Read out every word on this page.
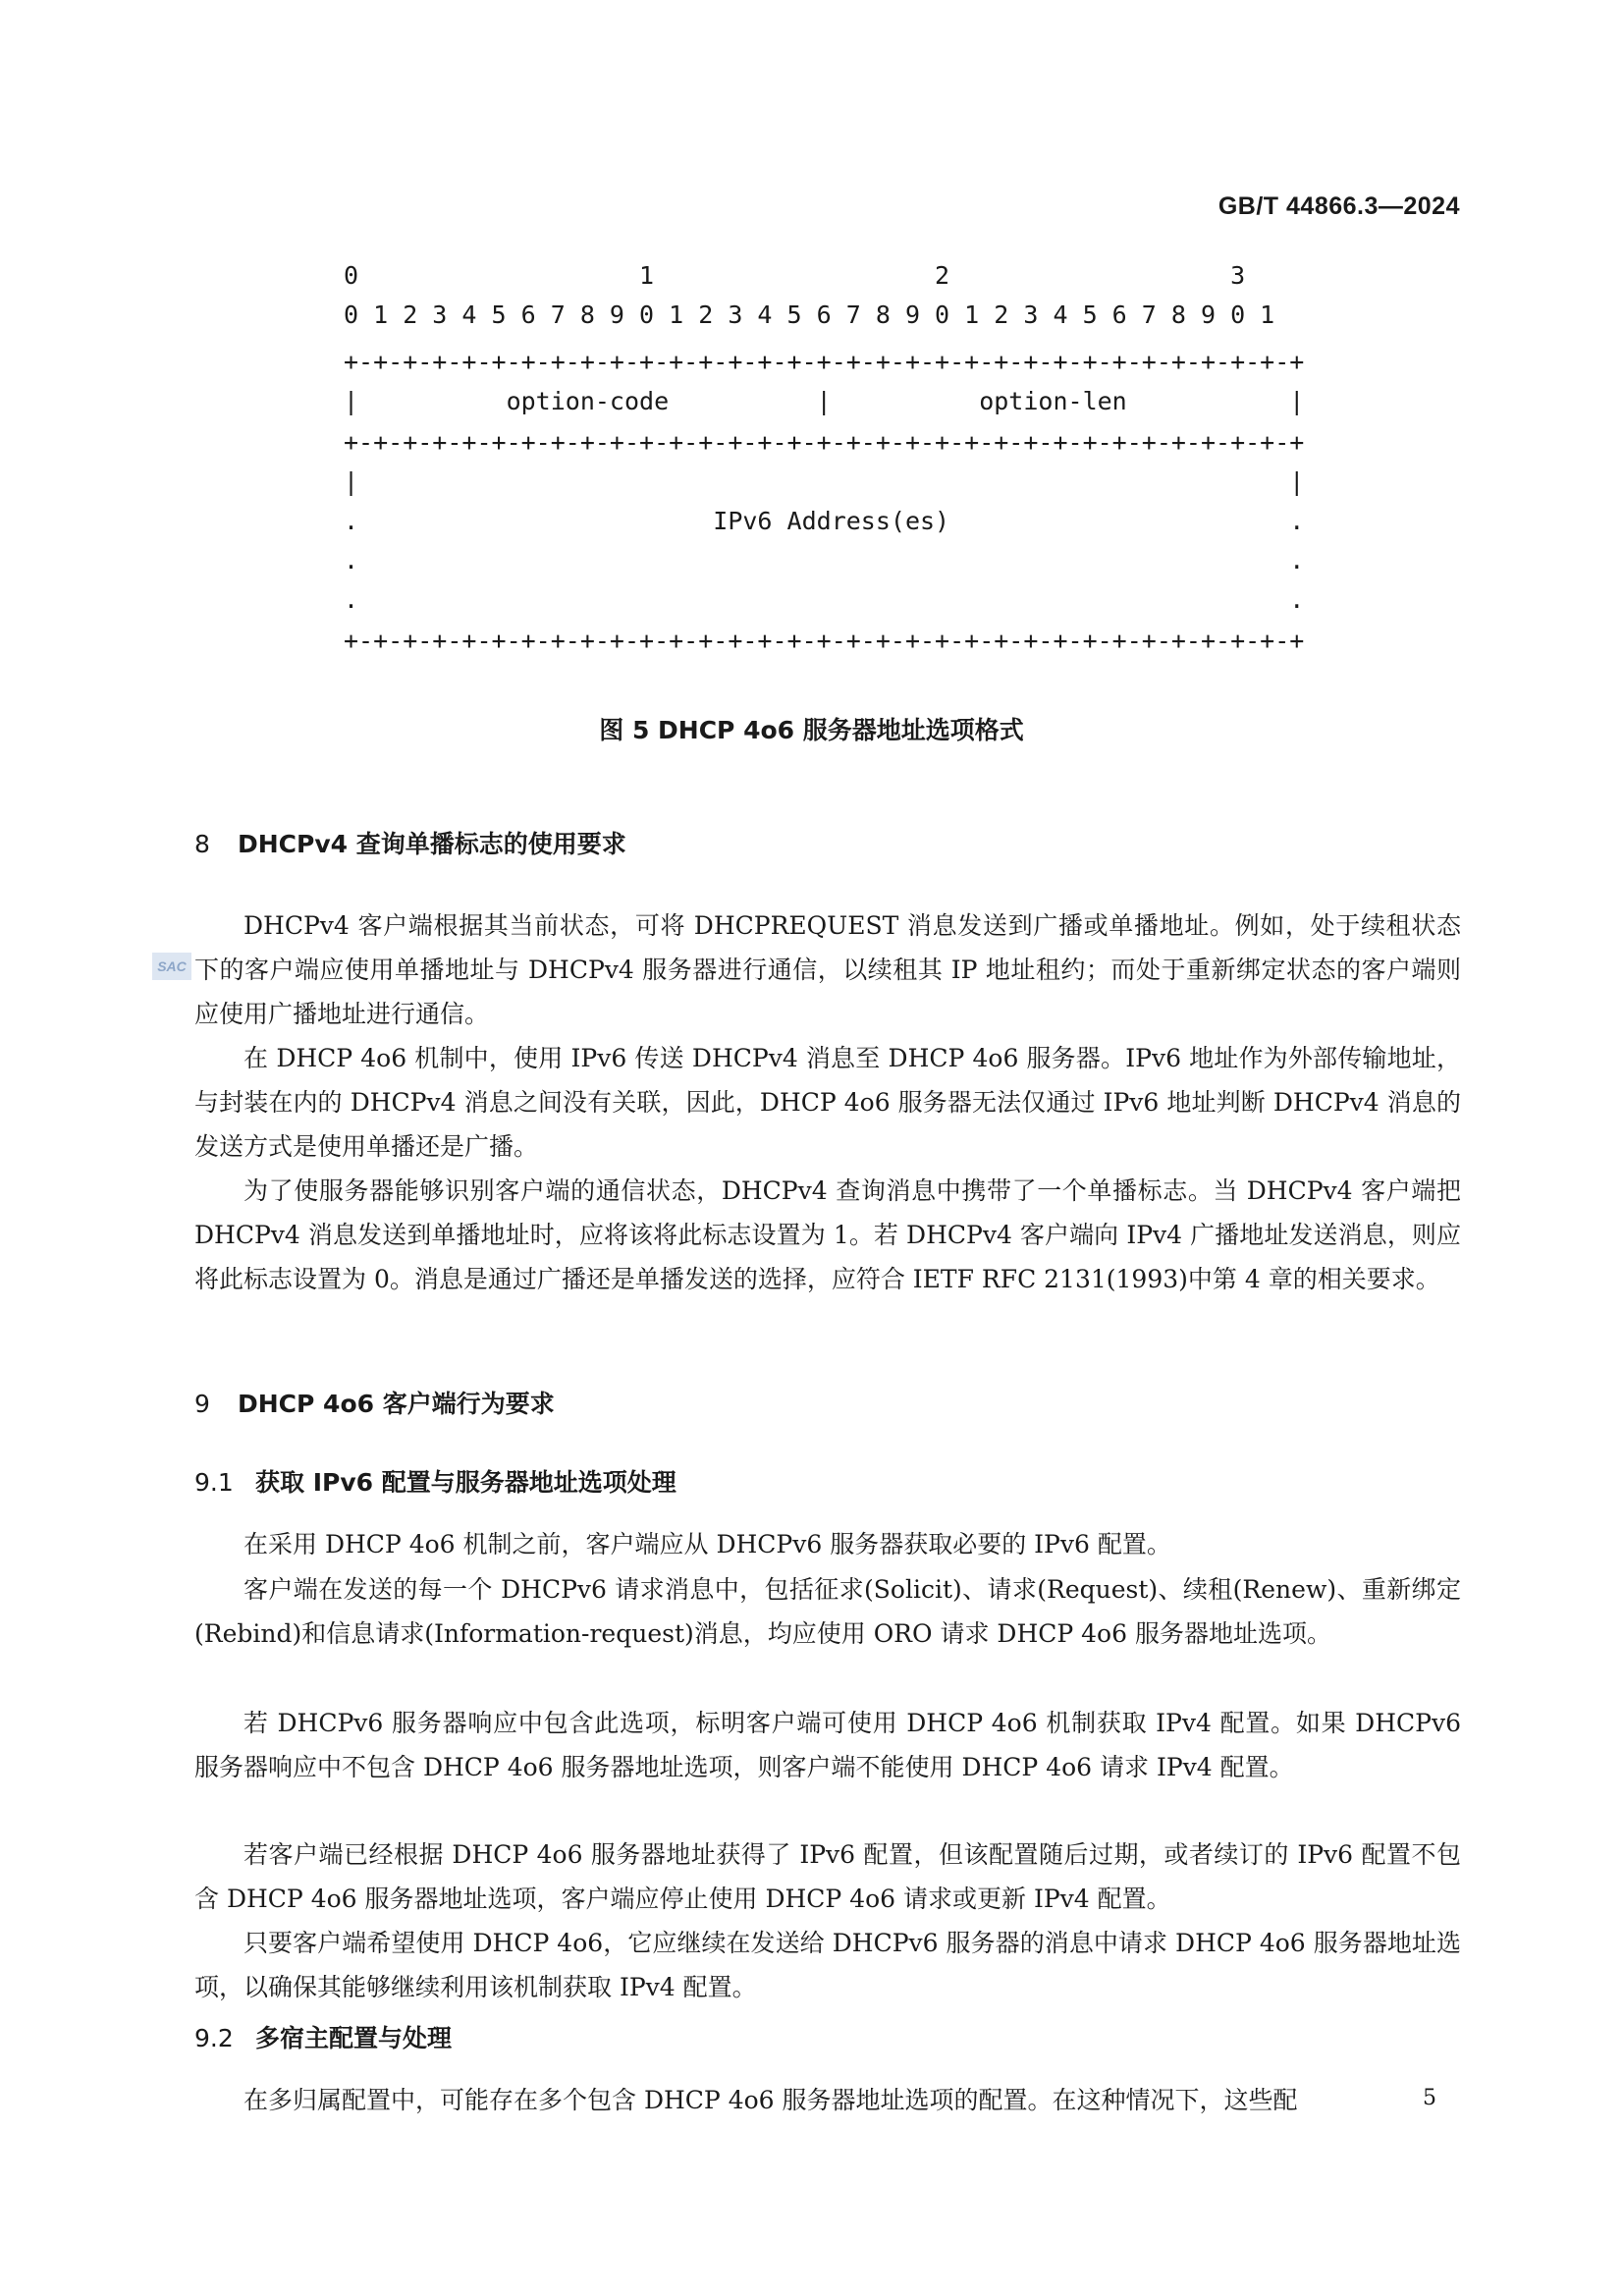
GB/T 44866.3—2024
0                   1                   2                   3
0 1 2 3 4 5 6 7 8 9 0 1 2 3 4 5 6 7 8 9 0 1 2 3 4 5 6 7 8 9 0 1
+-+-+-+-+-+-+-+-+-+-+-+-+-+-+-+-+-+-+-+-+-+-+-+-+-+-+-+-+-+-+-+-+
|          option-code          |          option-len           |
+-+-+-+-+-+-+-+-+-+-+-+-+-+-+-+-+-+-+-+-+-+-+-+-+-+-+-+-+-+-+-+-+
|                                                               |
.                        IPv6 Address(es)                       .
.                                                               .
.                                                               .
+-+-+-+-+-+-+-+-+-+-+-+-+-+-+-+-+-+-+-+-+-+-+-+-+-+-+-+-+-+-+-+-+
图 5 DHCP 4o6 服务器地址选项格式
8 DHCPv4 查询单播标志的使用要求

DHCPv4 客户端根据其当前状态，可将 DHCPREQUEST 消息发送到广播或单播地址。例如，处于续租状态下的客户端应使用单播地址与 DHCPv4 服务器进行通信，以续租其 IP 地址租约；而处于重新绑定状态的客户端则应使用广播地址进行通信。

在 DHCP 4o6 机制中，使用 IPv6 传送 DHCPv4 消息至 DHCP 4o6 服务器。IPv6 地址作为外部传输地址，与封装在内的 DHCPv4 消息之间没有关联，因此，DHCP 4o6 服务器无法仅通过 IPv6 地址判断 DHCPv4 消息的发送方式是使用单播还是广播。

为了使服务器能够识别客户端的通信状态，DHCPv4 查询消息中携带了一个单播标志。当 DHCPv4 客户端把 DHCPv4 消息发送到单播地址时，应将该将此标志设置为 1。若 DHCPv4 客户端向 IPv4 广播地址发送消息，则应将此标志设置为 0。消息是通过广播还是单播发送的选择，应符合 IETF RFC 2131(1993)中第 4 章的相关要求。

9 DHCP 4o6 客户端行为要求
9.1 获取 IPv6 配置与服务器地址选项处理

在采用 DHCP 4o6 机制之前，客户端应从 DHCPv6 服务器获取必要的 IPv6 配置。

客户端在发送的每一个 DHCPv6 请求消息中，包括征求(Solicit)、请求(Request)、续租(Renew)、重新绑定(Rebind)和信息请求(Information-request)消息，均应使用 ORO 请求 DHCP 4o6 服务器地址选项。

若 DHCPv6 服务器响应中包含此选项，标明客户端可使用 DHCP 4o6 机制获取 IPv4 配置。如果 DHCPv6 服务器响应中不包含 DHCP 4o6 服务器地址选项，则客户端不能使用 DHCP 4o6 请求 IPv4 配置。

若客户端已经根据 DHCP 4o6 服务器地址获得了 IPv6 配置，但该配置随后过期，或者续订的 IPv6 配置不包含 DHCP 4o6 服务器地址选项，客户端应停止使用 DHCP 4o6 请求或更新 IPv4 配置。

只要客户端希望使用 DHCP 4o6，它应继续在发送给 DHCPv6 服务器的消息中请求 DHCP 4o6 服务器地址选项，以确保其能够继续利用该机制获取 IPv4 配置。

9.2 多宿主配置与处理

在多归属配置中，可能存在多个包含 DHCP 4o6 服务器地址选项的配置。在这种情况下，这些配

SAC
5
